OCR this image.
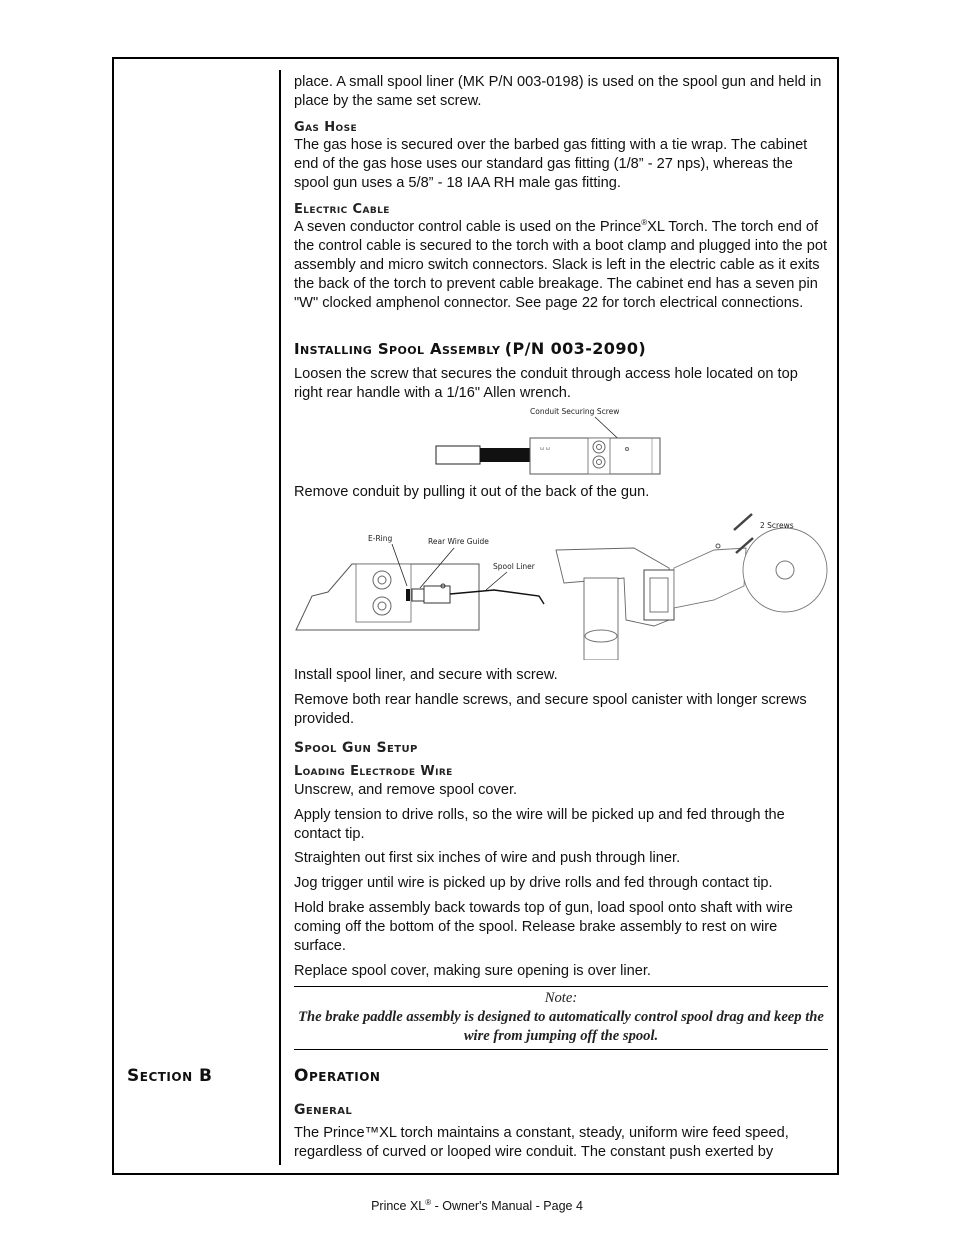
place. A small spool liner (MK P/N 003-0198) is used on the spool gun and held in place by the same set screw.

Gas Hose

The gas hose is secured over the barbed gas fitting with a tie wrap. The cabinet end of the gas hose uses our standard gas fitting (1/8” - 27 nps), whereas the spool gun uses a 5/8” - 18 IAA RH male gas fitting.

Electric Cable

A seven conductor control cable is used on the Prince®XL Torch. The torch end of the control cable is secured to the torch with a boot clamp and plugged into the pot assembly and micro switch connectors. Slack is left in the electric cable as it exits the back of the torch to prevent cable breakage. The cabinet end has a seven pin "W" clocked amphenol connector. See page 22 for torch electrical connections.

Installing Spool Assembly (P/N 003-2090)

Loosen the screw that secures the conduit through access hole located on top right rear handle with a 1/16" Allen wrench.

Conduit Securing Screw
ω ω

Remove conduit by pulling it out of the back of the gun.

E-Ring	Rear Wire Guide
Spool Liner
2 Screws

Install spool liner, and secure with screw.

Remove both rear handle screws, and secure spool canister with longer screws provided.

Spool Gun Setup
Loading Electrode Wire

Unscrew, and remove spool cover.

Apply tension to drive rolls, so the wire will be picked up and fed through the contact tip.

Straighten out first six inches of wire and push through liner.

Jog trigger until wire is picked up by drive rolls and fed through contact tip.

Hold brake assembly back towards top of gun, load spool onto shaft with wire coming off the bottom of the spool. Release brake assembly to rest on wire surface.

Replace spool cover, making sure opening is over liner.

Note:
The brake paddle assembly is designed to automatically control spool drag and keep the wire from jumping off the spool.
Section B	Operation
General

The Prince™XL torch maintains a constant, steady, uniform wire feed speed, regardless of curved or looped wire conduit. The constant push exerted by

Prince XL® - Owner's Manual - Page 4
